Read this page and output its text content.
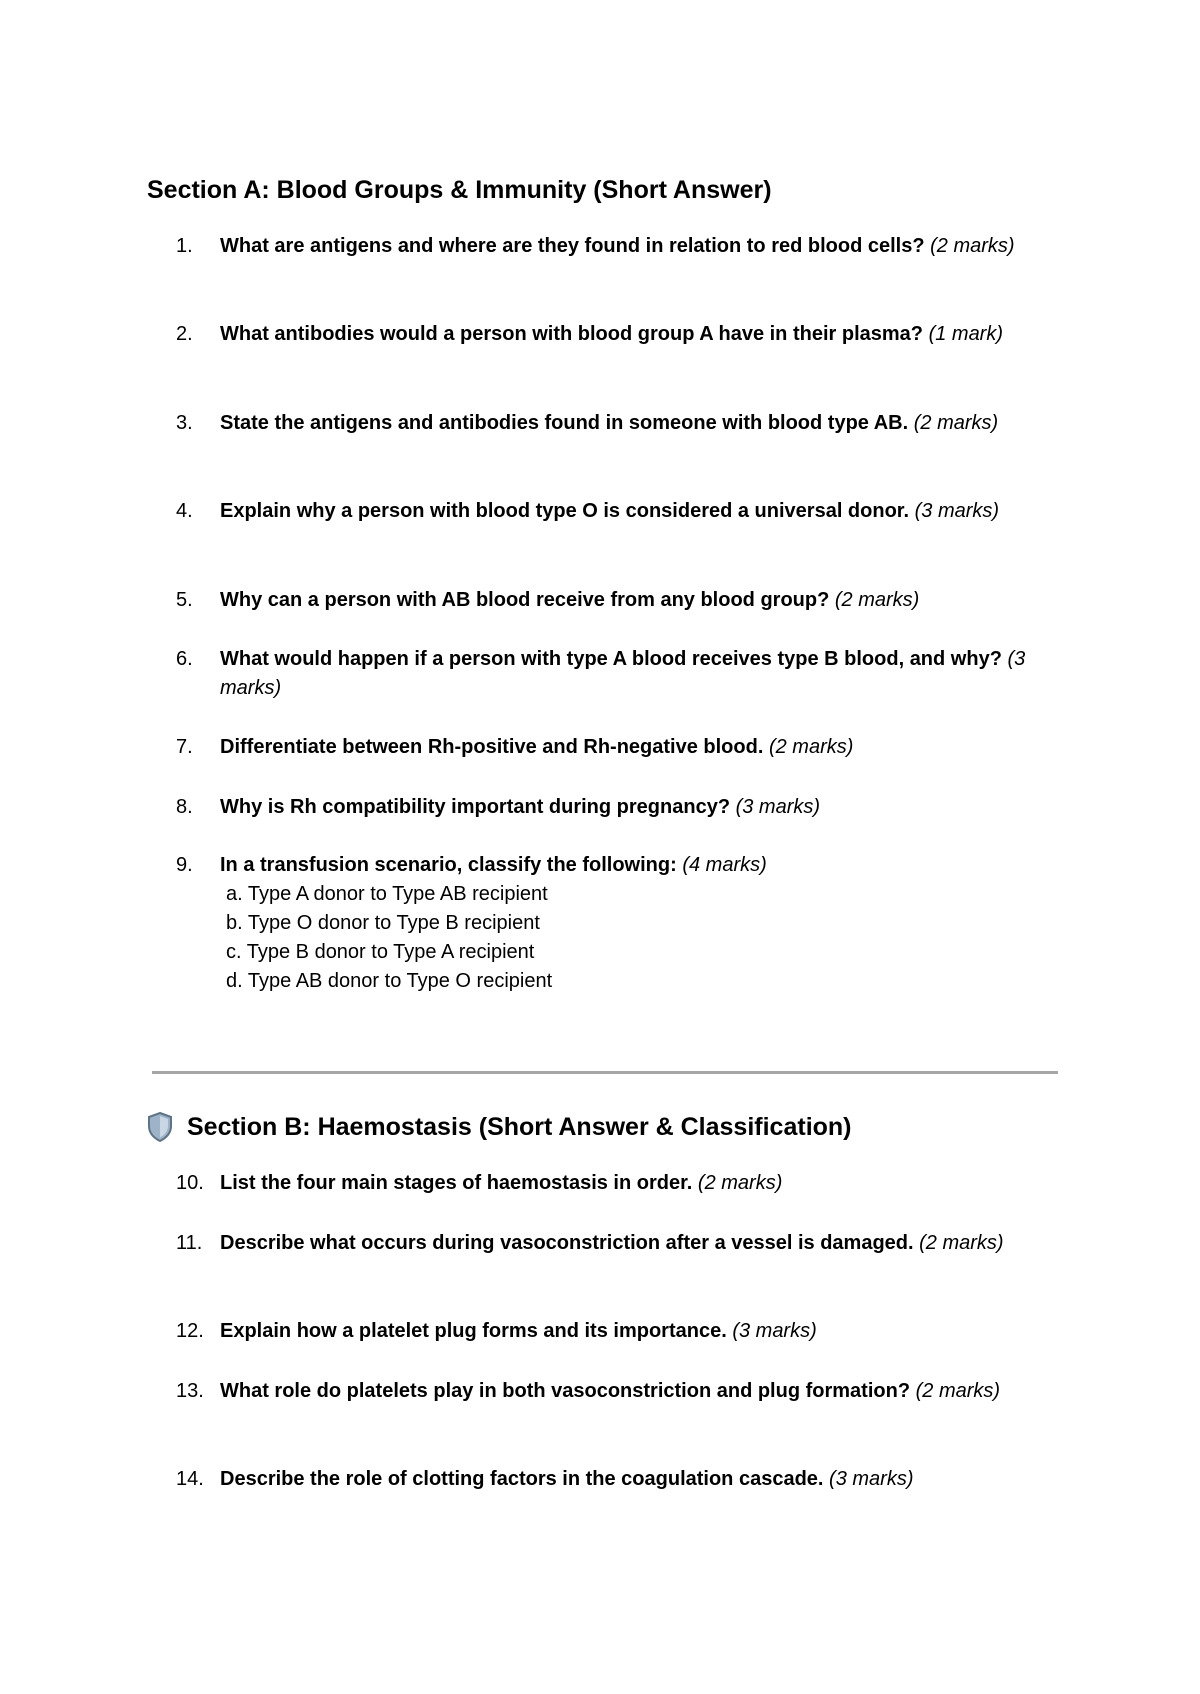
Section A: Blood Groups & Immunity (Short Answer)
1.	What are antigens and where are they found in relation to red blood cells? (2 marks)
2.	What antibodies would a person with blood group A have in their plasma? (1 mark)
3.	State the antigens and antibodies found in someone with blood type AB. (2 marks)
4.	Explain why a person with blood type O is considered a universal donor. (3 marks)
5.	Why can a person with AB blood receive from any blood group? (2 marks)
6.	What would happen if a person with type A blood receives type B blood, and why? (3 marks)
7.	Differentiate between Rh-positive and Rh-negative blood. (2 marks)
8.	Why is Rh compatibility important during pregnancy? (3 marks)
9.	In a transfusion scenario, classify the following: (4 marks)
a. Type A donor to Type AB recipient
b. Type O donor to Type B recipient
c. Type B donor to Type A recipient
d. Type AB donor to Type O recipient
Section B: Haemostasis (Short Answer & Classification)
10. List the four main stages of haemostasis in order. (2 marks)
11. Describe what occurs during vasoconstriction after a vessel is damaged. (2 marks)
12. Explain how a platelet plug forms and its importance. (3 marks)
13. What role do platelets play in both vasoconstriction and plug formation? (2 marks)
14. Describe the role of clotting factors in the coagulation cascade. (3 marks)
